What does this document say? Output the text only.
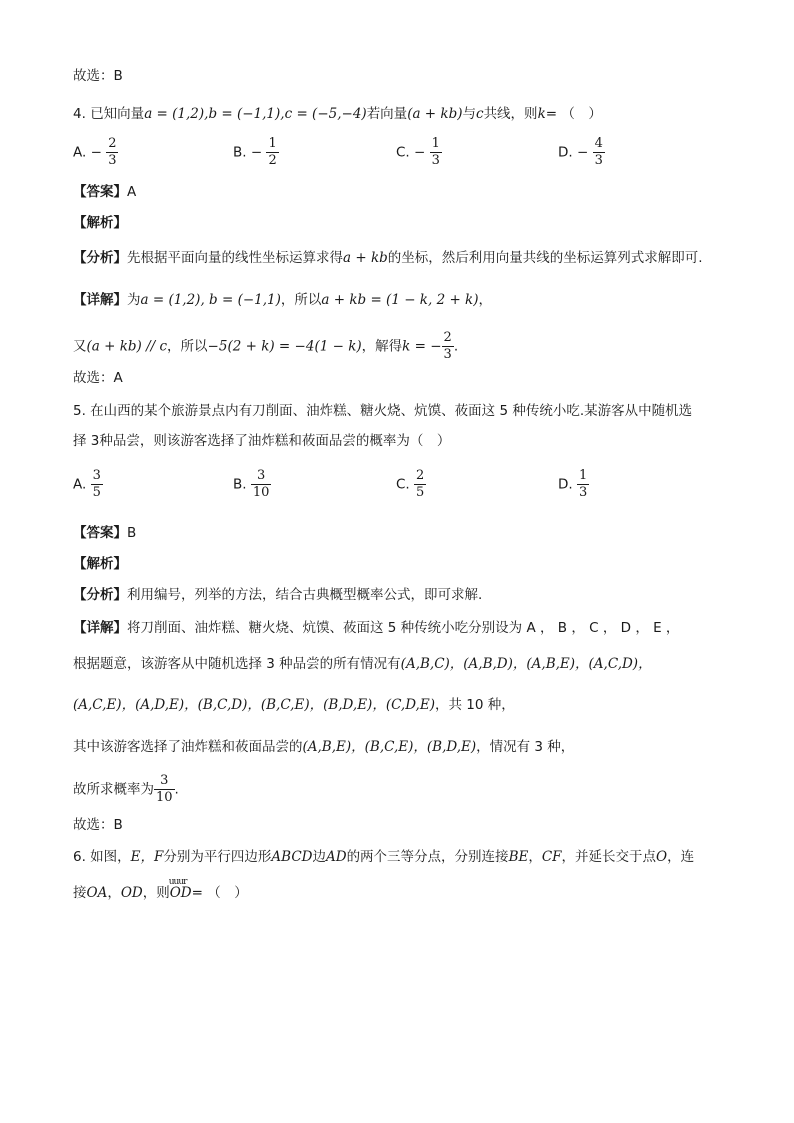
故选：B
4. 已知向量a = (1,2),b = (−1,1),c = (−5,−4)若向量(a + kb)与c共线，则k= （　）
A. − $\frac{2}{3}$	B. − $\frac{1}{2}$	C. − $\frac{1}{3}$	D. − $\frac{4}{3}$
【答案】A
【解析】
【分析】先根据平面向量的线性坐标运算求得a + kb的坐标，然后利用向量共线的坐标运算列式求解即可.
【详解】为a = (1,2), b = (−1,1)，所以a + kb = (1 − k, 2 + k)，
又(a + kb) // c，所以−5(2 + k) = −4(1 − k)，解得k = − $\frac{2}{3}$ .
故选：A
5. 在山西的某个旅游景点内有刀削面、油炸糕、糖火烧、炕馍、莜面这 5 种传统小吃.某游客从中随机选
择 3种品尝，则该游客选择了油炸糕和莜面品尝的概率为（　）
A. $\frac{3}{5}$	B. $\frac{3}{10}$	C. $\frac{2}{5}$	D. $\frac{1}{3}$
【答案】B
【解析】
【分析】利用编号，列举的方法，结合古典概型概率公式，即可求解.
【详解】将刀削面、油炸糕、糖火烧、炕馍、莜面这 5 种传统小吃分别设为 A ， B ， C ， D ， E ，
根据题意，该游客从中随机选择 3 种品尝的所有情况有(A,B,C)，(A,B,D)，(A,B,E)，(A,C,D)，
(A,C,E)，(A,D,E)，(B,C,D)，(B,C,E)，(B,D,E)，(C,D,E)，共 10 种，
其中该游客选择了油炸糕和莜面品尝的(A,B,E)，(B,C,E)，(B,D,E)，情况有 3 种，
故所求概率为 $\frac{3}{10}$ .
故选：B
6. 如图，E，F分别为平行四边形ABCD边AD的两个三等分点，分别连接BE，CF，并延长交于点O，连
接OA，OD，则uuur OD= （　）
